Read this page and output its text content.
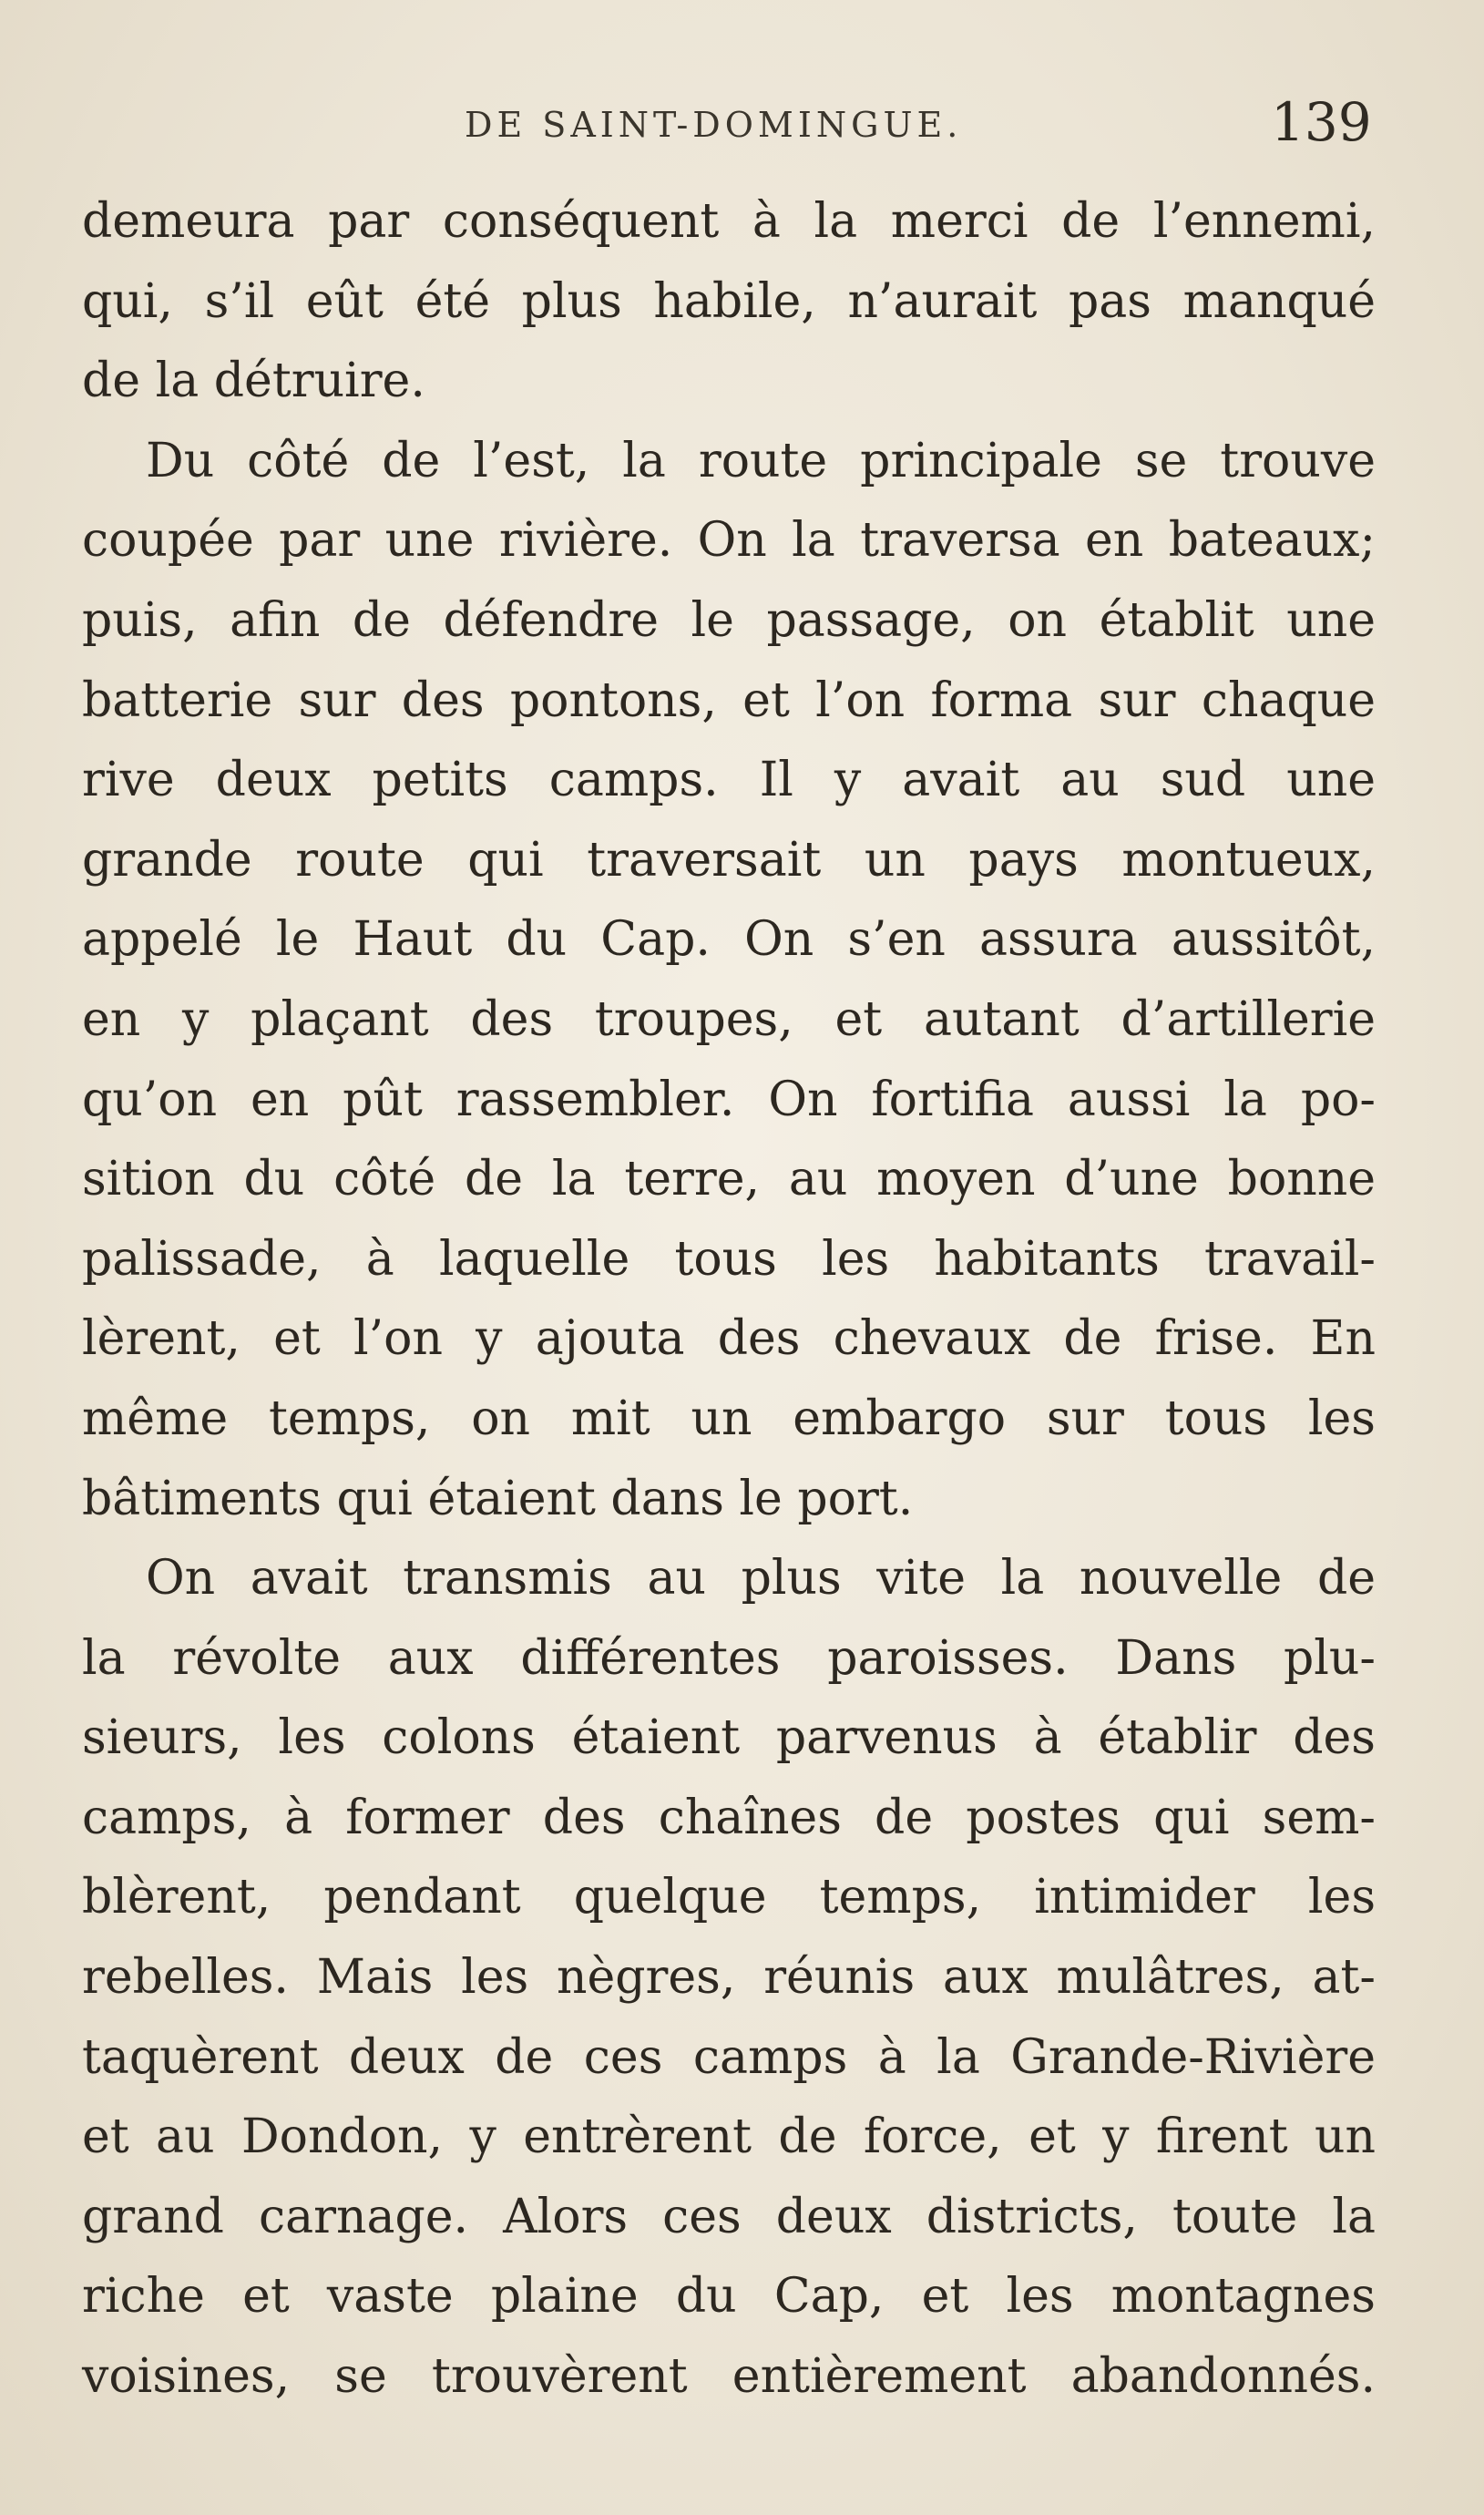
DE SAINT-DOMINGUE.	139
demeura par conséquent à la merci de l’ennemi,
qui, s’il eût été plus habile, n’aurait pas manqué
de la détruire.
Du côté de l’est, la route principale se trouve
coupée par une rivière. On la traversa en bateaux;
puis, afin de défendre le passage, on établit une
batterie sur des pontons, et l’on forma sur chaque
rive deux petits camps. Il y avait au sud une
grande route qui traversait un pays montueux,
appelé le Haut du Cap. On s’en assura aussitôt,
en y plaçant des troupes, et autant d’artillerie
qu’on en pût rassembler. On fortifia aussi la po-
sition du côté de la terre, au moyen d’une bonne
palissade, à laquelle tous les habitants travail-
lèrent, et l’on y ajouta des chevaux de frise. En
même temps, on mit un embargo sur tous les
bâtiments qui étaient dans le port.
On avait transmis au plus vite la nouvelle de
la révolte aux différentes paroisses. Dans plu-
sieurs, les colons étaient parvenus à établir des
camps, à former des chaînes de postes qui sem-
blèrent, pendant quelque temps, intimider les
rebelles. Mais les nègres, réunis aux mulâtres, at-
taquèrent deux de ces camps à la Grande-Rivière
et au Dondon, y entrèrent de force, et y firent un
grand carnage. Alors ces deux districts, toute la
riche et vaste plaine du Cap, et les montagnes
voisines, se trouvèrent entièrement abandonnés.
